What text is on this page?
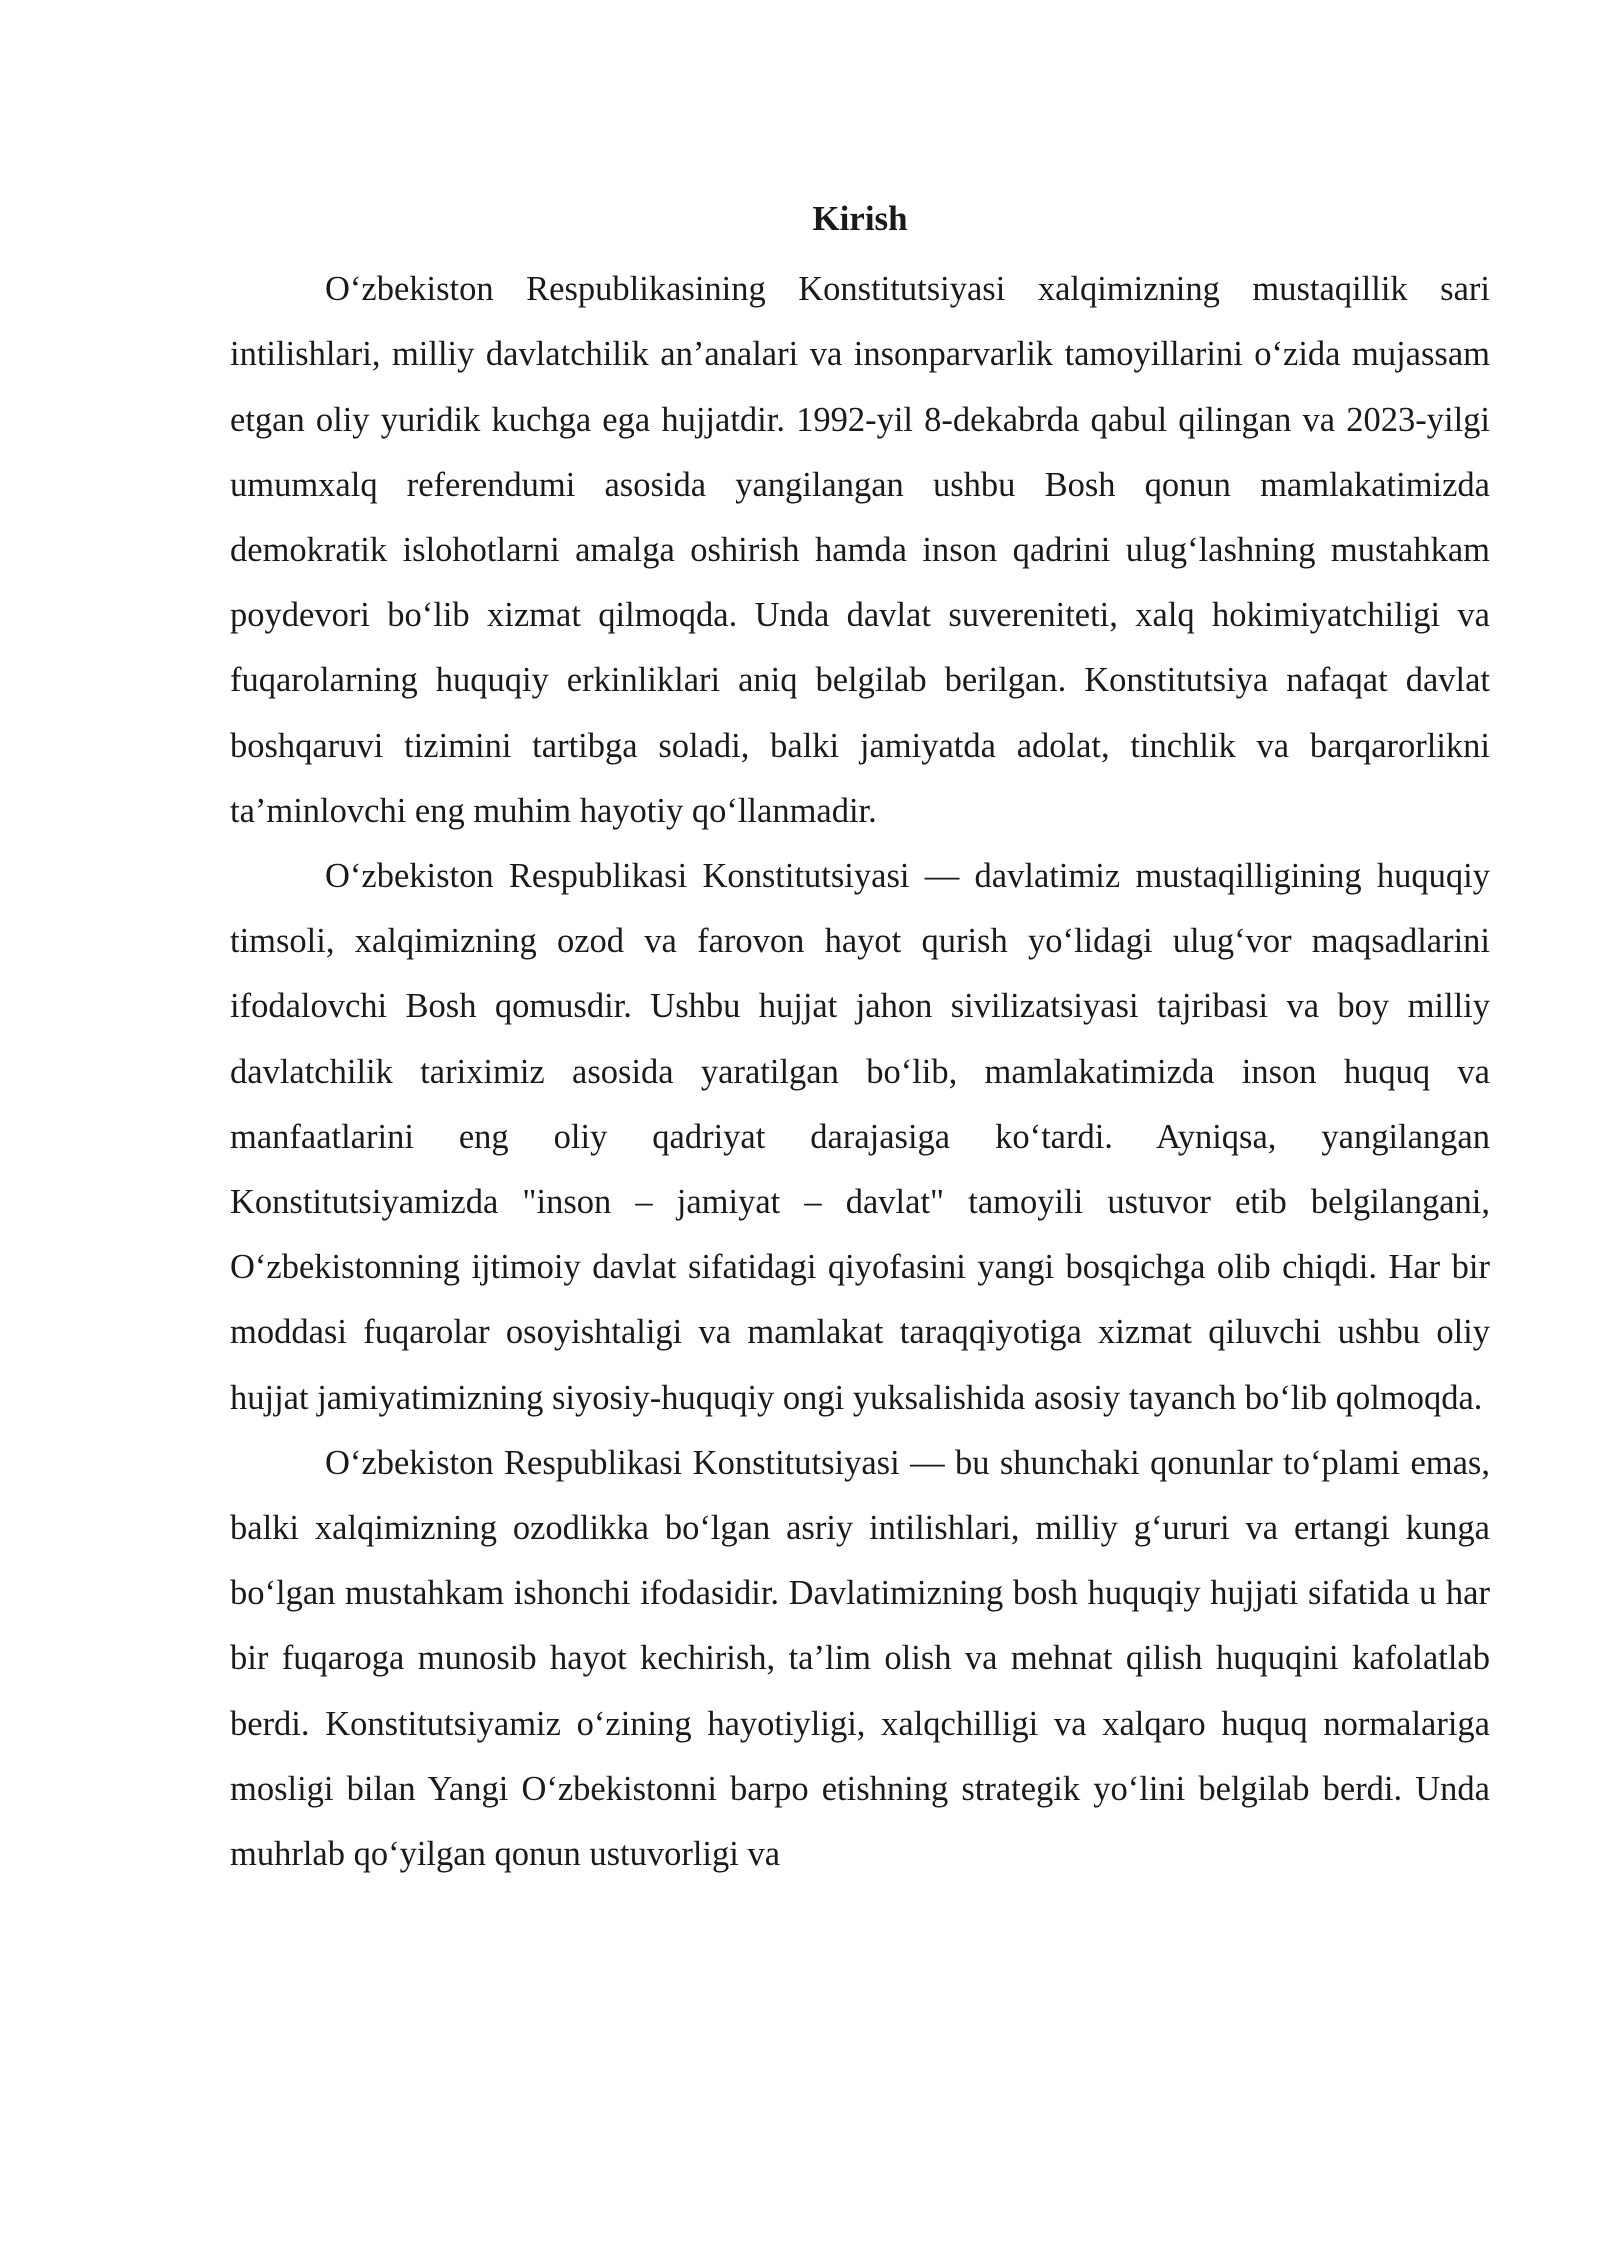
Kirish

O‘zbekiston Respublikasining Konstitutsiyasi xalqimizning mustaqillik sari intilishlari, milliy davlatchilik an’analari va insonparvarlik tamoyillarini o‘zida mujassam etgan oliy yuridik kuchga ega hujjatdir. 1992-yil 8-dekabrda qabul qilingan va 2023-yilgi umumxalq referendumi asosida yangilangan ushbu Bosh qonun mamlakatimizda demokratik islohotlarni amalga oshirish hamda inson qadrini ulug‘lashning mustahkam poydevori bo‘lib xizmat qilmoqda. Unda davlat suvereniteti, xalq hokimiyatchiligi va fuqarolarning huquqiy erkinliklari aniq belgilab berilgan. Konstitutsiya nafaqat davlat boshqaruvi tizimini tartibga soladi, balki jamiyatda adolat, tinchlik va barqarorlikni ta’minlovchi eng muhim hayotiy qo‘llanmadir.

O‘zbekiston Respublikasi Konstitutsiyasi — davlatimiz mustaqilligining huquqiy timsoli, xalqimizning ozod va farovon hayot qurish yo‘lidagi ulug‘vor maqsadlarini ifodalovchi Bosh qomusdir. Ushbu hujjat jahon sivilizatsiyasi tajribasi va boy milliy davlatchilik tariximiz asosida yaratilgan bo‘lib, mamlakatimizda inson huquq va manfaatlarini eng oliy qadriyat darajasiga ko‘tardi. Ayniqsa, yangilangan Konstitutsiyamizda "inson – jamiyat – davlat" tamoyili ustuvor etib belgilangani, O‘zbekistonning ijtimoiy davlat sifatidagi qiyofasini yangi bosqichga olib chiqdi. Har bir moddasi fuqarolar osoyishtaligi va mamlakat taraqqiyotiga xizmat qiluvchi ushbu oliy hujjat jamiyatimizning siyosiy-huquqiy ongi yuksalishida asosiy tayanch bo‘lib qolmoqda.

O‘zbekiston Respublikasi Konstitutsiyasi — bu shunchaki qonunlar to‘plami emas, balki xalqimizning ozodlikka bo‘lgan asriy intilishlari, milliy g‘ururi va ertangi kunga bo‘lgan mustahkam ishonchi ifodasidir. Davlatimizning bosh huquqiy hujjati sifatida u har bir fuqaroga munosib hayot kechirish, ta’lim olish va mehnat qilish huquqini kafolatlab berdi. Konstitutsiyamiz o‘zining hayotiyligi, xalqchilligi va xalqaro huquq normalariga mosligi bilan Yangi O‘zbekistonni barpo etishning strategik yo‘lini belgilab berdi. Unda muhrlab qo‘yilgan qonun ustuvorligi va
